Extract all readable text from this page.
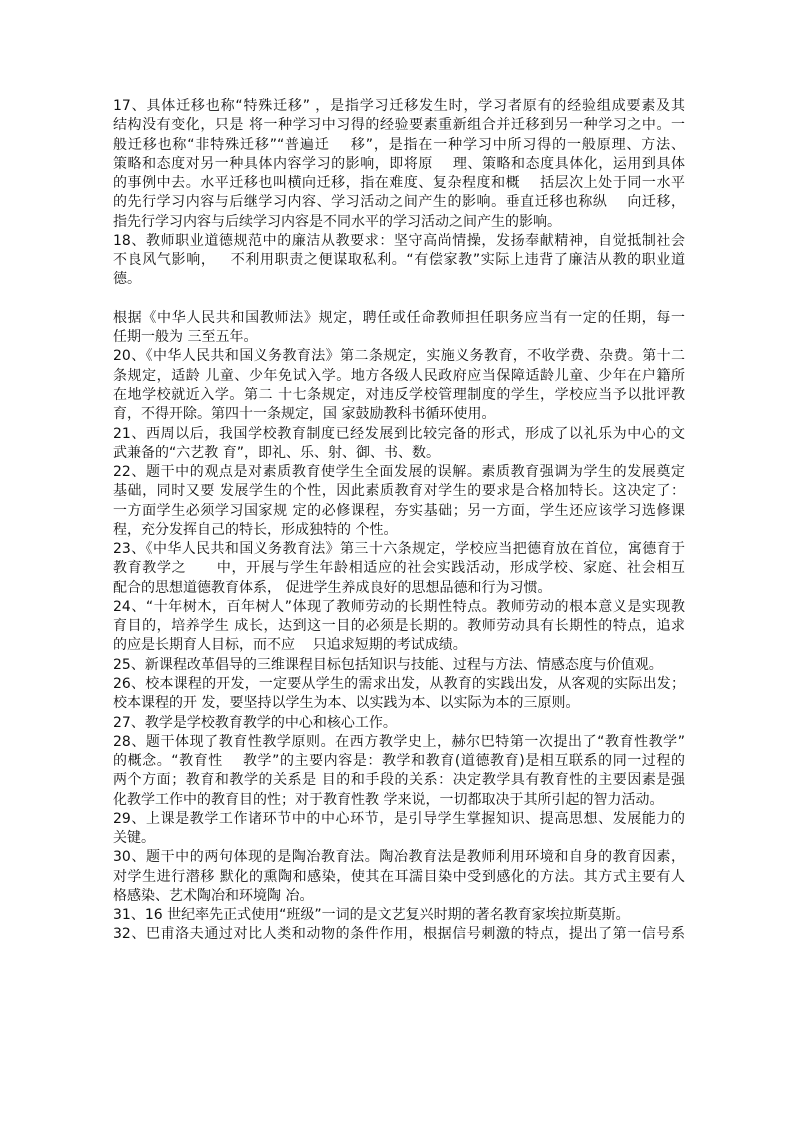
17、具体迁移也称“特殊迁移” ，是指学习迁移发生时，学习者原有的经验组成要素及其
结构没有变化，只是 将一种学习中习得的经验要素重新组合并迁移到另一种学习之中。一
般迁移也称“非特殊迁移”“普遍迁    移”，是指在一种学习中所习得的一般原理、方法、
策略和态度对另一种具体内容学习的影响，即将原    理、策略和态度具体化，运用到具体
的事例中去。水平迁移也叫横向迁移，指在难度、复杂程度和概    括层次上处于同一水平
的先行学习内容与后继学习内容、学习活动之间产生的影响。垂直迁移也称纵    向迁移，
指先行学习内容与后续学习内容是不同水平的学习活动之间产生的影响。
18、教师职业道德规范中的廉洁从教要求：坚守高尚情操，发扬奉献精神，自觉抵制社会
不良风气影响，   不利用职责之便谋取私利。“有偿家教”实际上违背了廉洁从教的职业道
德。
根据《中华人民共和国教师法》规定，聘任或任命教师担任职务应当有一定的任期，每一
任期一般为 三至五年。
20、《中华人民共和国义务教育法》第二条规定，实施义务教育，不收学费、杂费。第十二
条规定，适龄 儿童、少年免试入学。地方各级人民政府应当保障适龄儿童、少年在户籍所
在地学校就近入学。第二 十七条规定，对违反学校管理制度的学生，学校应当予以批评教
育，不得开除。第四十一条规定，国 家鼓励教科书循环使用。
21、西周以后，我国学校教育制度已经发展到比较完备的形式，形成了以礼乐为中心的文
武兼备的“六艺教 育”，即礼、乐、射、御、书、数。
22、题干中的观点是对素质教育使学生全面发展的误解。素质教育强调为学生的发展奠定
基础，同时又要 发展学生的个性，因此素质教育对学生的要求是合格加特长。这决定了：
一方面学生必须学习国家规 定的必修课程，夯实基础；另一方面，学生还应该学习选修课
程，充分发挥自己的特长，形成独特的 个性。
23、《中华人民共和国义务教育法》第三十六条规定，学校应当把德育放在首位，寓德育于
教育教学之      中，开展与学生年龄相适应的社会实践活动，形成学校、家庭、社会相互
配合的思想道德教育体系， 促进学生养成良好的思想品德和行为习惯。
24、“十年树木，百年树人”体现了教师劳动的长期性特点。教师劳动的根本意义是实现教
育目的，培养学生 成长，达到这一目的必须是长期的。教师劳动具有长期性的特点，追求
的应是长期育人目标，而不应    只追求短期的考试成绩。
25、新课程改革倡导的三维课程目标包括知识与技能、过程与方法、情感态度与价值观。
26、校本课程的开发，一定要从学生的需求出发，从教育的实践出发，从客观的实际出发；
校本课程的开 发，要坚持以学生为本、以实践为本、以实际为本的三原则。
27、教学是学校教育教学的中心和核心工作。
28、题干体现了教育性教学原则。在西方教学史上，赫尔巴特第一次提出了“教育性教学”
的概念。“教育性    教学”的主要内容是：教学和教育(道德教育)是相互联系的同一过程的
两个方面；教育和教学的关系是 目的和手段的关系：决定教学具有教育性的主要因素是强
化教学工作中的教育目的性；对于教育性教 学来说，一切都取决于其所引起的智力活动。
29、上课是教学工作诸环节中的中心环节，是引导学生掌握知识、提高思想、发展能力的
关键。
30、题干中的两句体现的是陶冶教育法。陶冶教育法是教师利用环境和自身的教育因素，
对学生进行潜移 默化的熏陶和感染，使其在耳濡目染中受到感化的方法。其方式主要有人
格感染、艺术陶冶和环境陶 冶。
31、16 世纪率先正式使用“班级”一词的是文艺复兴时期的著名教育家埃拉斯莫斯。
32、巴甫洛夫通过对比人类和动物的条件作用，根据信号刺激的特点，提出了第一信号系
